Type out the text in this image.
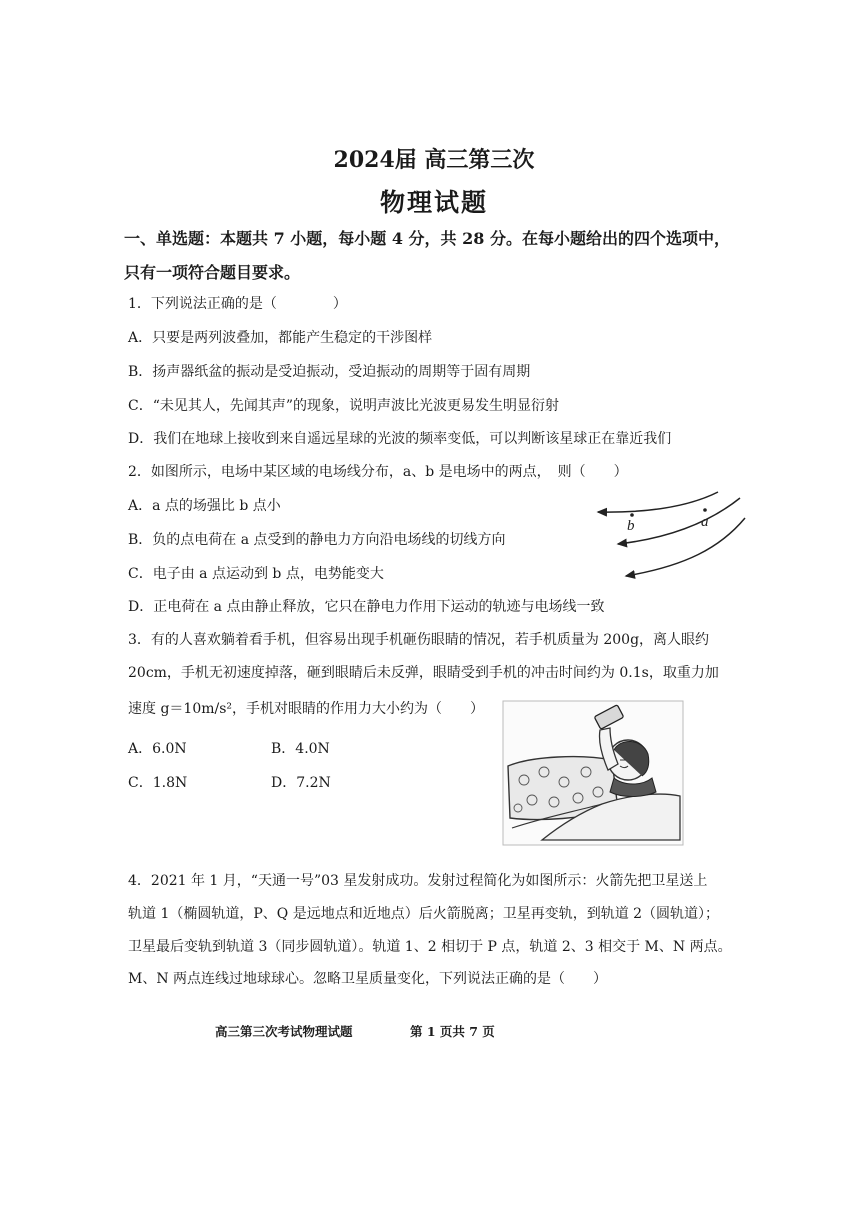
2024届 高三第三次
物理试题
一、单选题：本题共 7 小题，每小题 4 分，共 28 分。在每小题给出的四个选项中，
只有一项符合题目要求。
1．下列说法正确的是（　　　　）
A．只要是两列波叠加，都能产生稳定的干涉图样
B．扬声器纸盆的振动是受迫振动，受迫振动的周期等于固有周期
C．“未见其人，先闻其声”的现象，说明声波比光波更易发生明显衍射
D．我们在地球上接收到来自遥远星球的光波的频率变低，可以判断该星球正在靠近我们
2．如图所示，电场中某区域的电场线分布，a、b 是电场中的两点，　则（　　）
A．a 点的场强比 b 点小
B．负的点电荷在 a 点受到的静电力方向沿电场线的切线方向
C．电子由 a 点运动到 b 点，电势能变大
D．正电荷在 a 点由静止释放，它只在静电力作用下运动的轨迹与电场线一致
b	a
3．有的人喜欢躺着看手机，但容易出现手机砸伤眼睛的情况，若手机质量为 200g，离人眼约
20cm，手机无初速度掉落，砸到眼睛后未反弹，眼睛受到手机的冲击时间约为 0.1s，取重力加
速度 g＝10m/s²，手机对眼睛的作用力大小约为（　　）
A．6.0N	B．4.0N
C．1.8N	D．7.2N
4．2021 年 1 月，“天通一号”03 星发射成功。发射过程简化为如图所示：火箭先把卫星送上
轨道 1（椭圆轨道，P、Q 是远地点和近地点）后火箭脱离；卫星再变轨，到轨道 2（圆轨道）；
卫星最后变轨到轨道 3（同步圆轨道）。轨道 1、2 相切于 P 点，轨道 2、3 相交于 M、N 两点。
M、N 两点连线过地球球心。忽略卫星质量变化，下列说法正确的是（　　）
高三第三次考试物理试题	第 1 页共 7 页
